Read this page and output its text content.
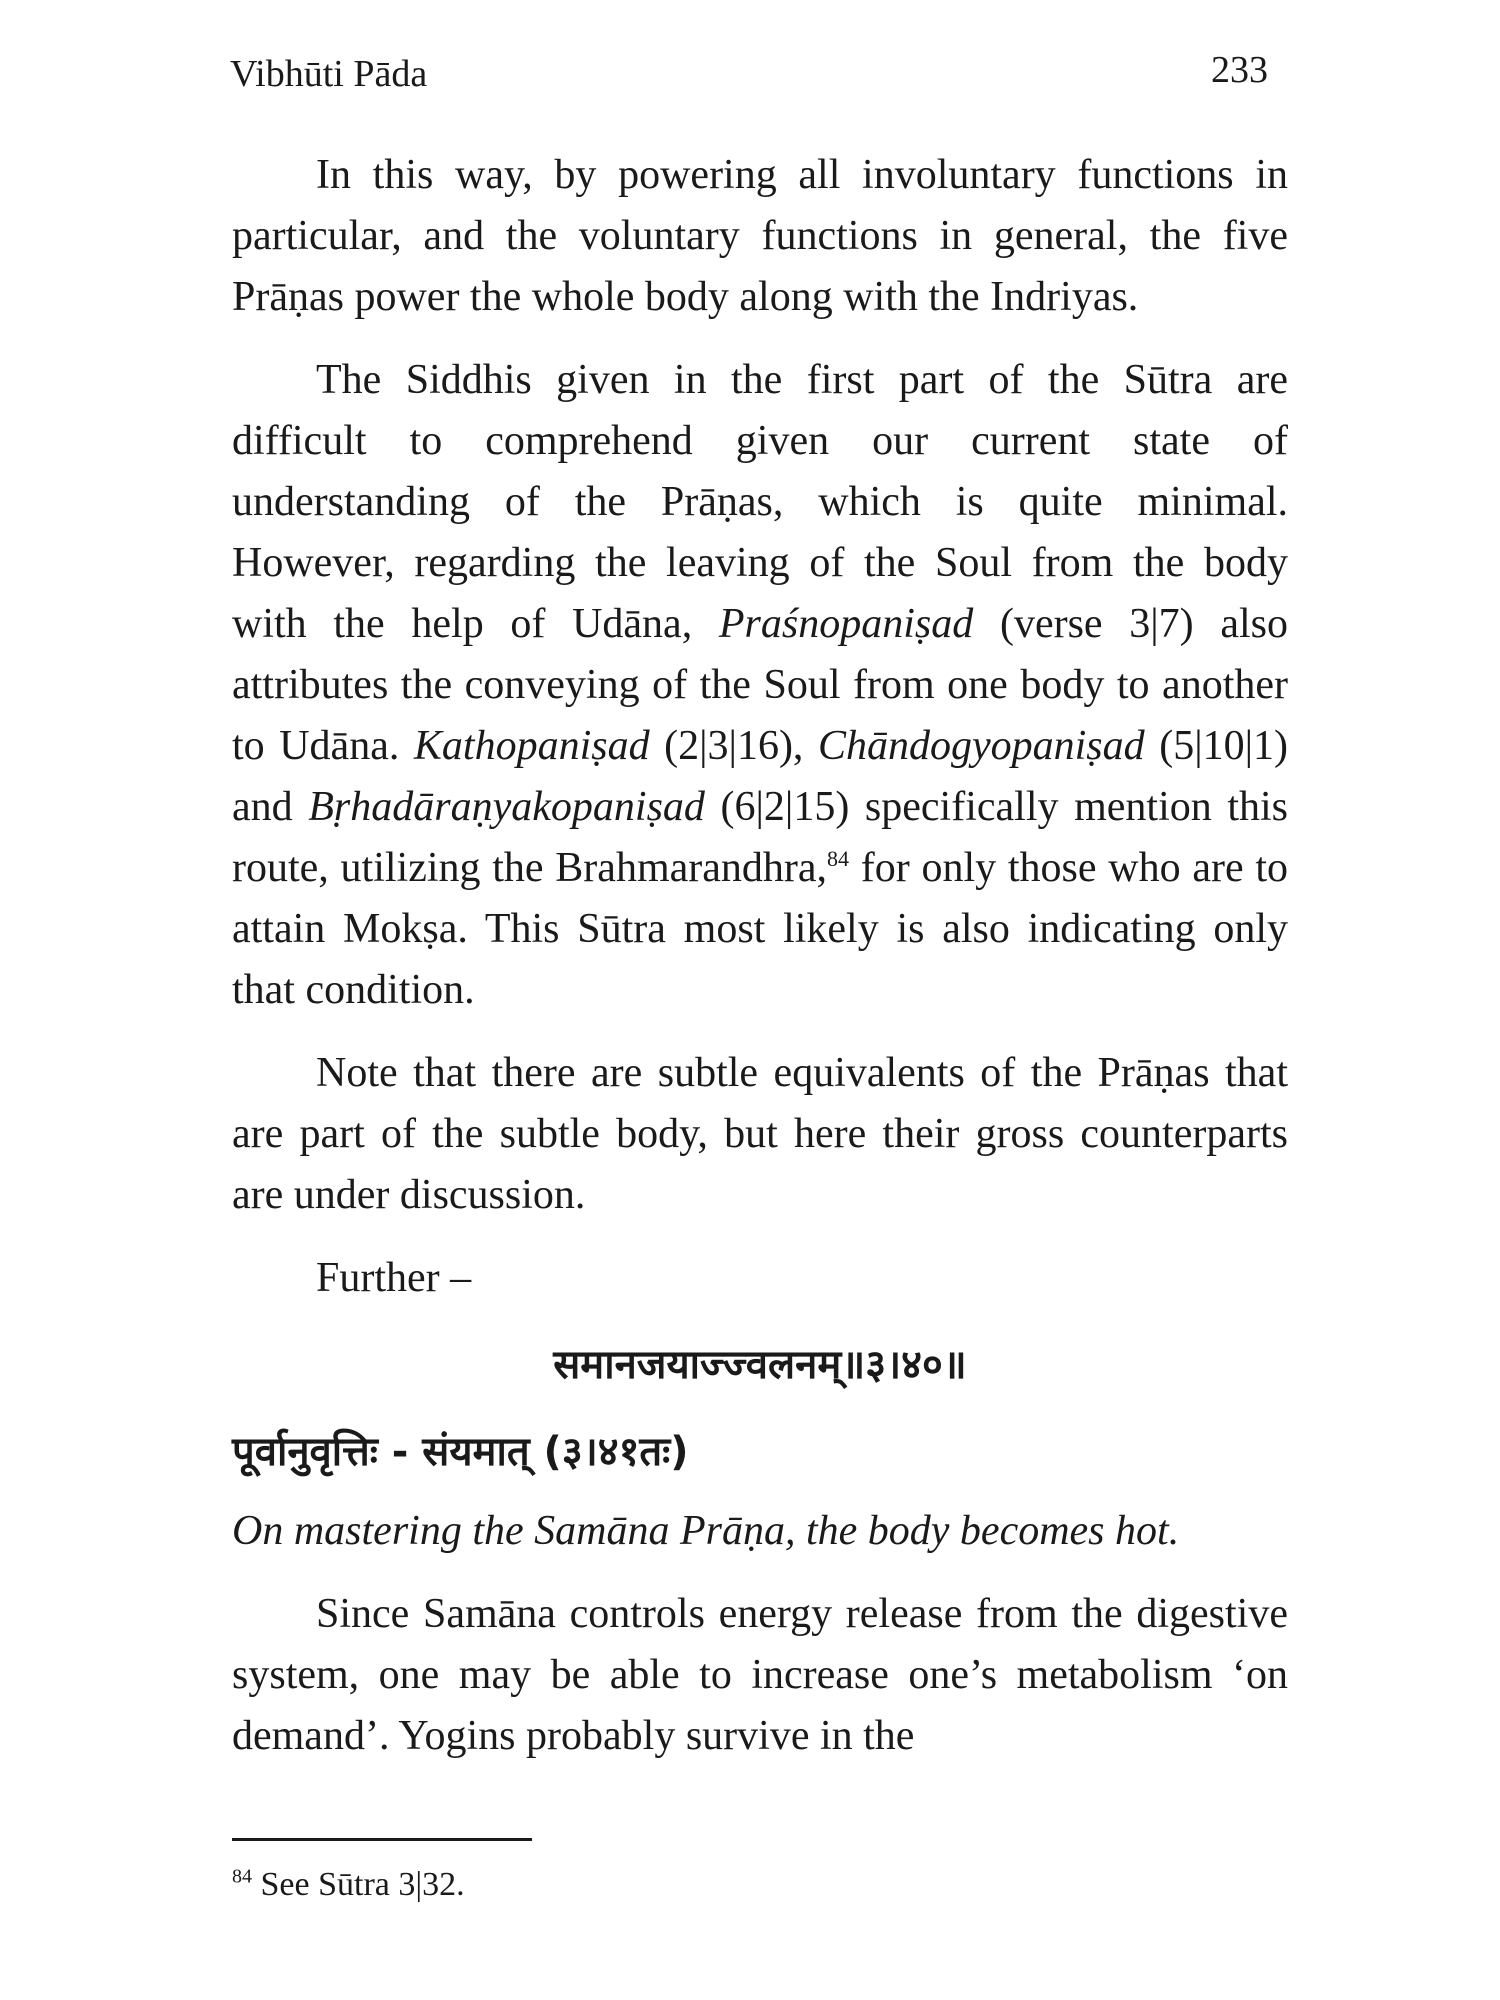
Vibhūti Pāda	233

In this way, by powering all involuntary functions in particular, and the voluntary functions in general, the five Prāṇas power the whole body along with the Indriyas.

The Siddhis given in the first part of the Sūtra are difficult to comprehend given our current state of understanding of the Prāṇas, which is quite minimal. However, regarding the leaving of the Soul from the body with the help of Udāna, Praśnopaniṣad (verse 3|7) also attributes the conveying of the Soul from one body to another to Udāna. Kathopaniṣad (2|3|16), Chāndogyopaniṣad (5|10|1) and Bṛhadāraṇyakopaniṣad (6|2|15) specifically mention this route, utilizing the Brahmarandhra,$^{84}$ for only those who are to attain Mokṣa. This Sūtra most likely is also indicating only that condition.

Note that there are subtle equivalents of the Prāṇas that are part of the subtle body, but here their gross counterparts are under discussion.

Further –

समानजयाज्ज्वलनम्॥३।४०॥
पूर्वानुवृत्तिः - संयमात् (३।४१तः)

On mastering the Samāna Prāṇa, the body becomes hot.

Since Samāna controls energy release from the digestive system, one may be able to increase one’s metabolism ‘on demand’. Yogins probably survive in the

$^{84}$ See Sūtra 3|32.
